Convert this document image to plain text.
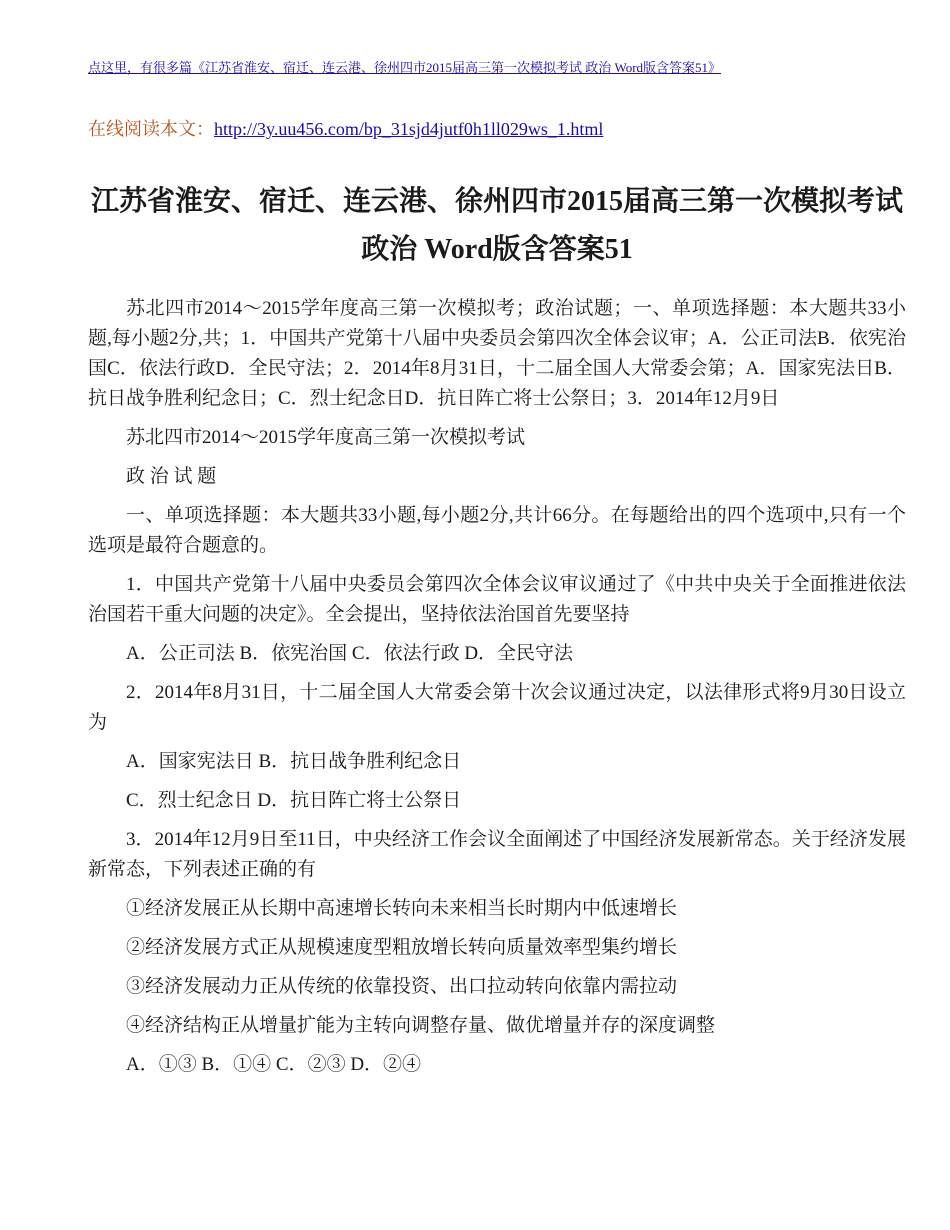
点这里，有很多篇《江苏省淮安、宿迁、连云港、徐州四市2015届高三第一次模拟考试 政治 Word版含答案51》
在线阅读本文：http://3y.uu456.com/bp_31sjd4jutf0h1ll029ws_1.html
江苏省淮安、宿迁、连云港、徐州四市2015届高三第一次模拟考试 政治 Word版含答案51

苏北四市2014～2015学年度高三第一次模拟考；政治试题；一、单项选择题：本大题共33小题,每小题2分,共；1．中国共产党第十八届中央委员会第四次全体会议审；A．公正司法B．依宪治国C．依法行政D．全民守法；2．2014年8月31日，十二届全国人大常委会第；A．国家宪法日B．抗日战争胜利纪念日；C．烈士纪念日D．抗日阵亡将士公祭日；3．2014年12月9日

苏北四市2014～2015学年度高三第一次模拟考试

政 治 试 题

一、单项选择题：本大题共33小题,每小题2分,共计66分。在每题给出的四个选项中,只有一个选项是最符合题意的。

1．中国共产党第十八届中央委员会第四次全体会议审议通过了《中共中央关于全面推进依法治国若干重大问题的决定》。全会提出，坚持依法治国首先要坚持

A．公正司法 B．依宪治国 C．依法行政 D．全民守法

2．2014年8月31日，十二届全国人大常委会第十次会议通过决定，以法律形式将9月30日设立为

A．国家宪法日 B．抗日战争胜利纪念日

C．烈士纪念日 D．抗日阵亡将士公祭日

3．2014年12月9日至11日，中央经济工作会议全面阐述了中国经济发展新常态。关于经济发展新常态，下列表述正确的有

①经济发展正从长期中高速增长转向未来相当长时期内中低速增长

②经济发展方式正从规模速度型粗放增长转向质量效率型集约增长

③经济发展动力正从传统的依靠投资、出口拉动转向依靠内需拉动

④经济结构正从增量扩能为主转向调整存量、做优增量并存的深度调整

A．①③ B．①④ C．②③ D．②④
